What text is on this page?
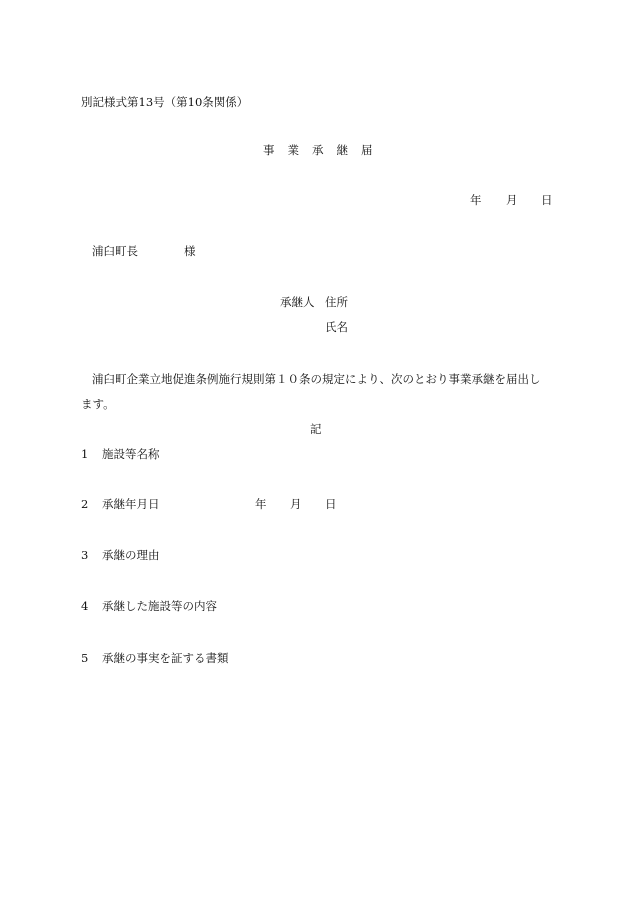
別記様式第13号（第10条関係）
事業承継届
年 月 日
浦臼町長	様
承継人 住所
氏名
浦臼町企業立地促進条例施行規則第１０条の規定により、次のとおり事業承継を届出し
ます。
記
1 施設等名称
2 承継年月日	年 月 日
3 承継の理由
4 承継した施設等の内容
5 承継の事実を証する書類
